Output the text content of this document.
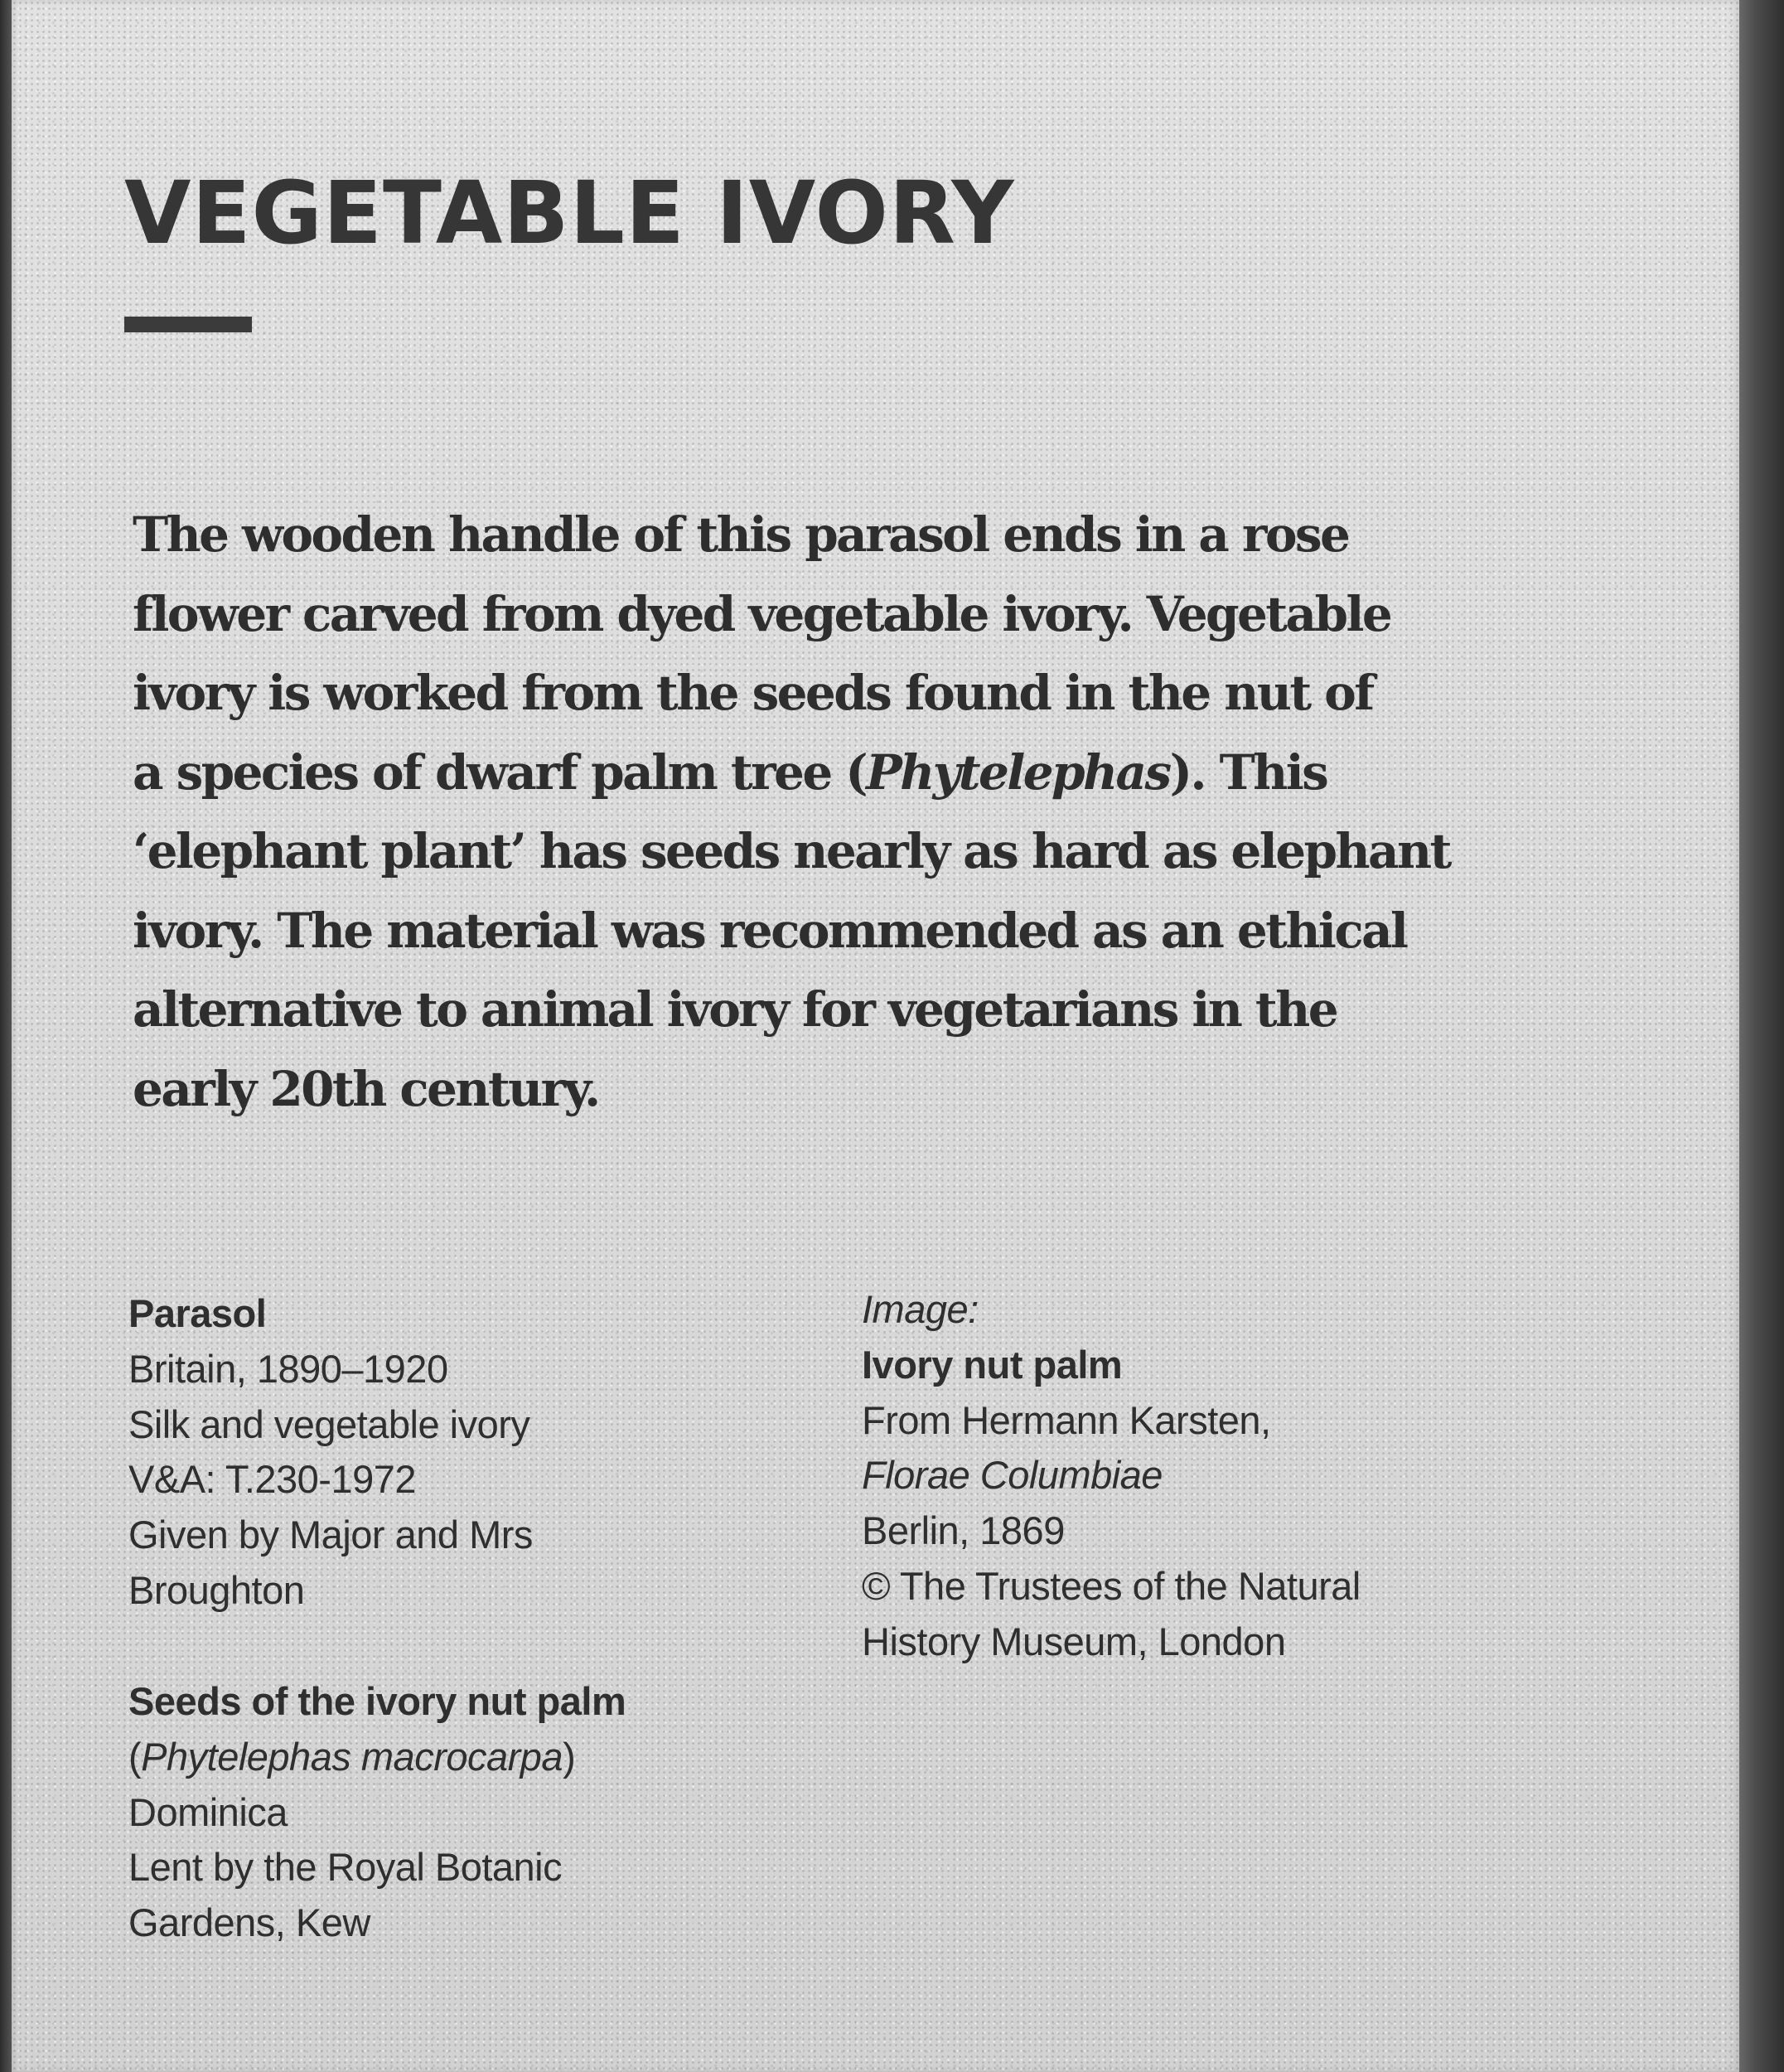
VEGETABLE IVORY

The wooden handle of this parasol ends in a rose
flower carved from dyed vegetable ivory. Vegetable
ivory is worked from the seeds found in the nut of
a species of dwarf palm tree (Phytelephas). This
‘elephant plant’ has seeds nearly as hard as elephant
ivory. The material was recommended as an ethical
alternative to animal ivory for vegetarians in the
early 20th century.

Parasol
Britain, 1890–1920
Silk and vegetable ivory
V&A: T.230-1972
Given by Major and Mrs
Broughton
Seeds of the ivory nut palm
(Phytelephas macrocarpa)
Dominica
Lent by the Royal Botanic
Gardens, Kew
Image:
Ivory nut palm
From Hermann Karsten,
Florae Columbiae
Berlin, 1869
© The Trustees of the Natural
History Museum, London
